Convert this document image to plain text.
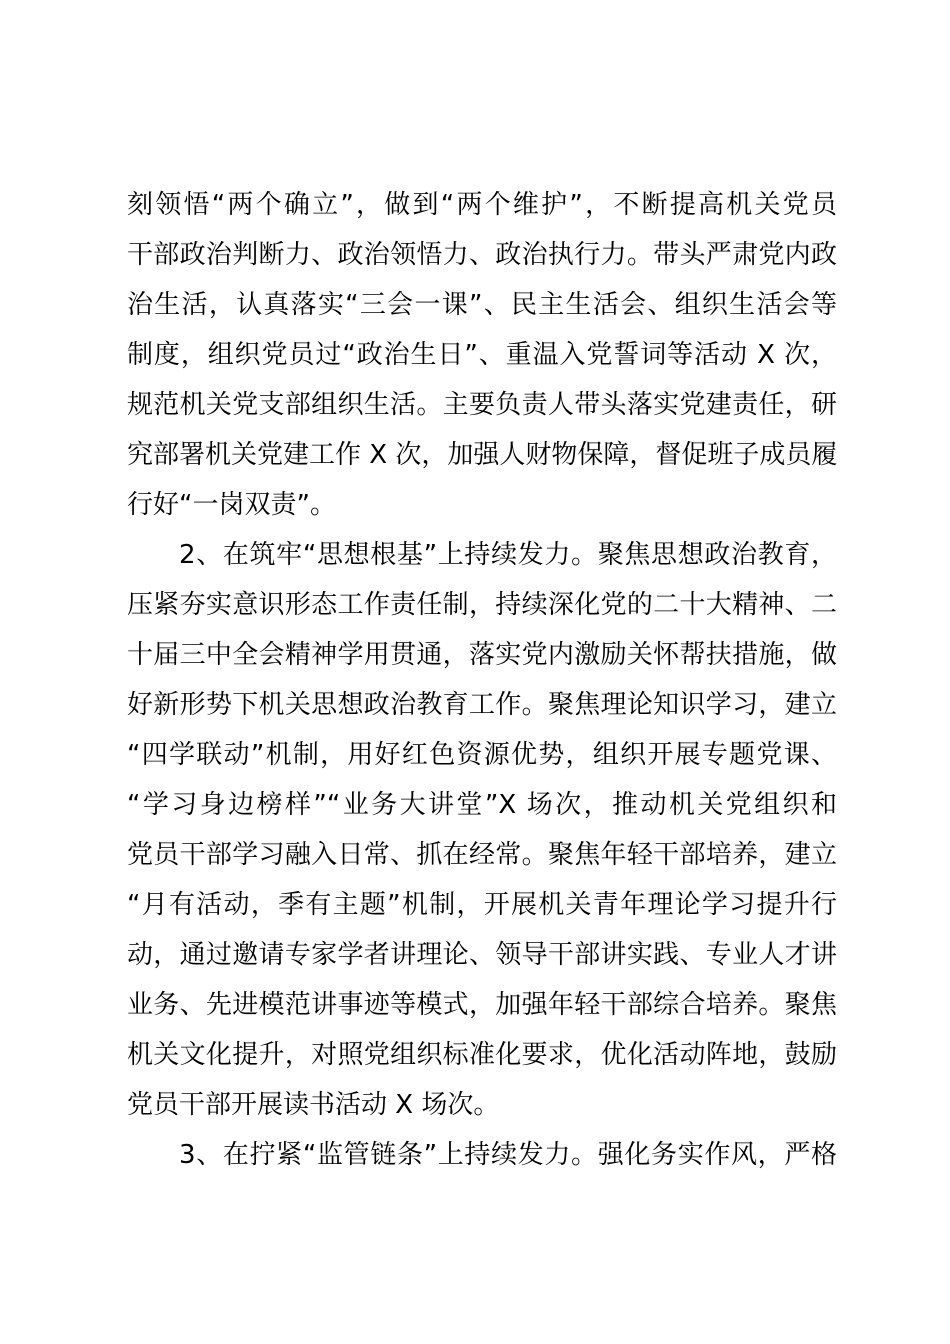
刻领悟“两个确立”，做到“两个维护”，不断提高机关党员
干部政治判断力、政治领悟力、政治执行力。带头严肃党内政
治生活，认真落实“三会一课”、民主生活会、组织生活会等
制度，组织党员过“政治生日”、重温入党誓词等活动 X 次，
规范机关党支部组织生活。主要负责人带头落实党建责任，研
究部署机关党建工作 X 次，加强人财物保障，督促班子成员履
行好“一岗双责”。
2、在筑牢“思想根基”上持续发力。聚焦思想政治教育，
压紧夯实意识形态工作责任制，持续深化党的二十大精神、二
十届三中全会精神学用贯通，落实党内激励关怀帮扶措施，做
好新形势下机关思想政治教育工作。聚焦理论知识学习，建立
“四学联动”机制，用好红色资源优势，组织开展专题党课、
“学习身边榜样”“业务大讲堂”X 场次，推动机关党组织和
党员干部学习融入日常、抓在经常。聚焦年轻干部培养，建立
“月有活动，季有主题”机制，开展机关青年理论学习提升行
动，通过邀请专家学者讲理论、领导干部讲实践、专业人才讲
业务、先进模范讲事迹等模式，加强年轻干部综合培养。聚焦
机关文化提升，对照党组织标准化要求，优化活动阵地，鼓励
党员干部开展读书活动 X 场次。
3、在拧紧“监管链条”上持续发力。强化务实作风，严格
